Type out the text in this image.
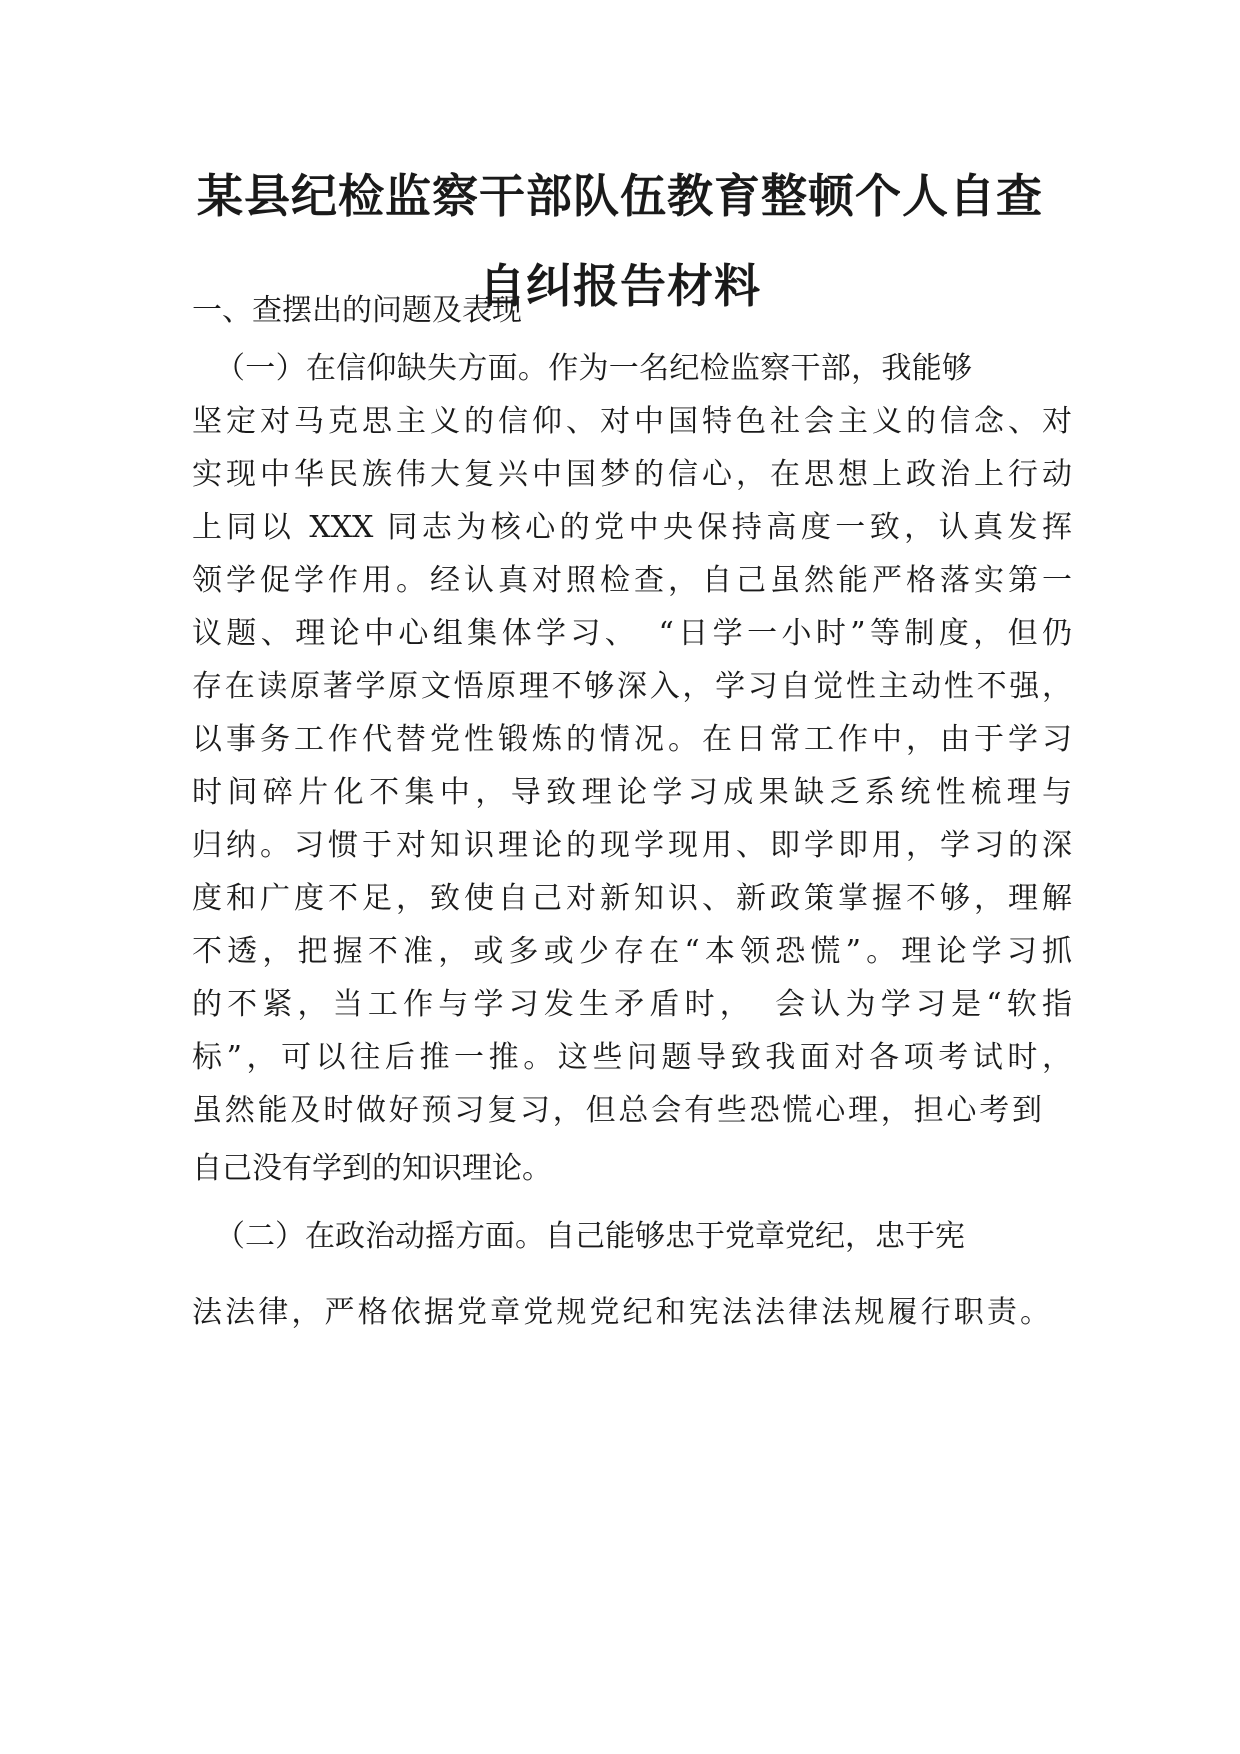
某县纪检监察干部队伍教育整顿个人自查
自纠报告材料

一、查摆出的问题及表现

（一）在信仰缺失方面。作为一名纪检监察干部，我能够

坚定对马克思主义的信仰、对中国特色社会主义的信念、对

实现中华民族伟大复兴中国梦的信心，在思想上政治上行动

上同以 XXX 同志为核心的党中央保持高度一致，认真发挥

领学促学作用。经认真对照检查，自己虽然能严格落实第一

议题、理论中心组集体学习、　“日学一小时”等制度，但仍

存在读原著学原文悟原理不够深入，学习自觉性主动性不强，

以事务工作代替党性锻炼的情况。在日常工作中，由于学习

时间碎片化不集中，导致理论学习成果缺乏系统性梳理与

归纳。习惯于对知识理论的现学现用、即学即用，学习的深

度和广度不足，致使自己对新知识、新政策掌握不够，理解

不透，把握不准，或多或少存在“本领恐慌”。理论学习抓

的不紧，当工作与学习发生矛盾时，　会认为学习是“软指

标”，可以往后推一推。这些问题导致我面对各项考试时，

虽然能及时做好预习复习，但总会有些恐慌心理，担心考到

自己没有学到的知识理论。

（二）在政治动摇方面。自己能够忠于党章党纪，忠于宪

法法律，严格依据党章党规党纪和宪法法律法规履行职责。
